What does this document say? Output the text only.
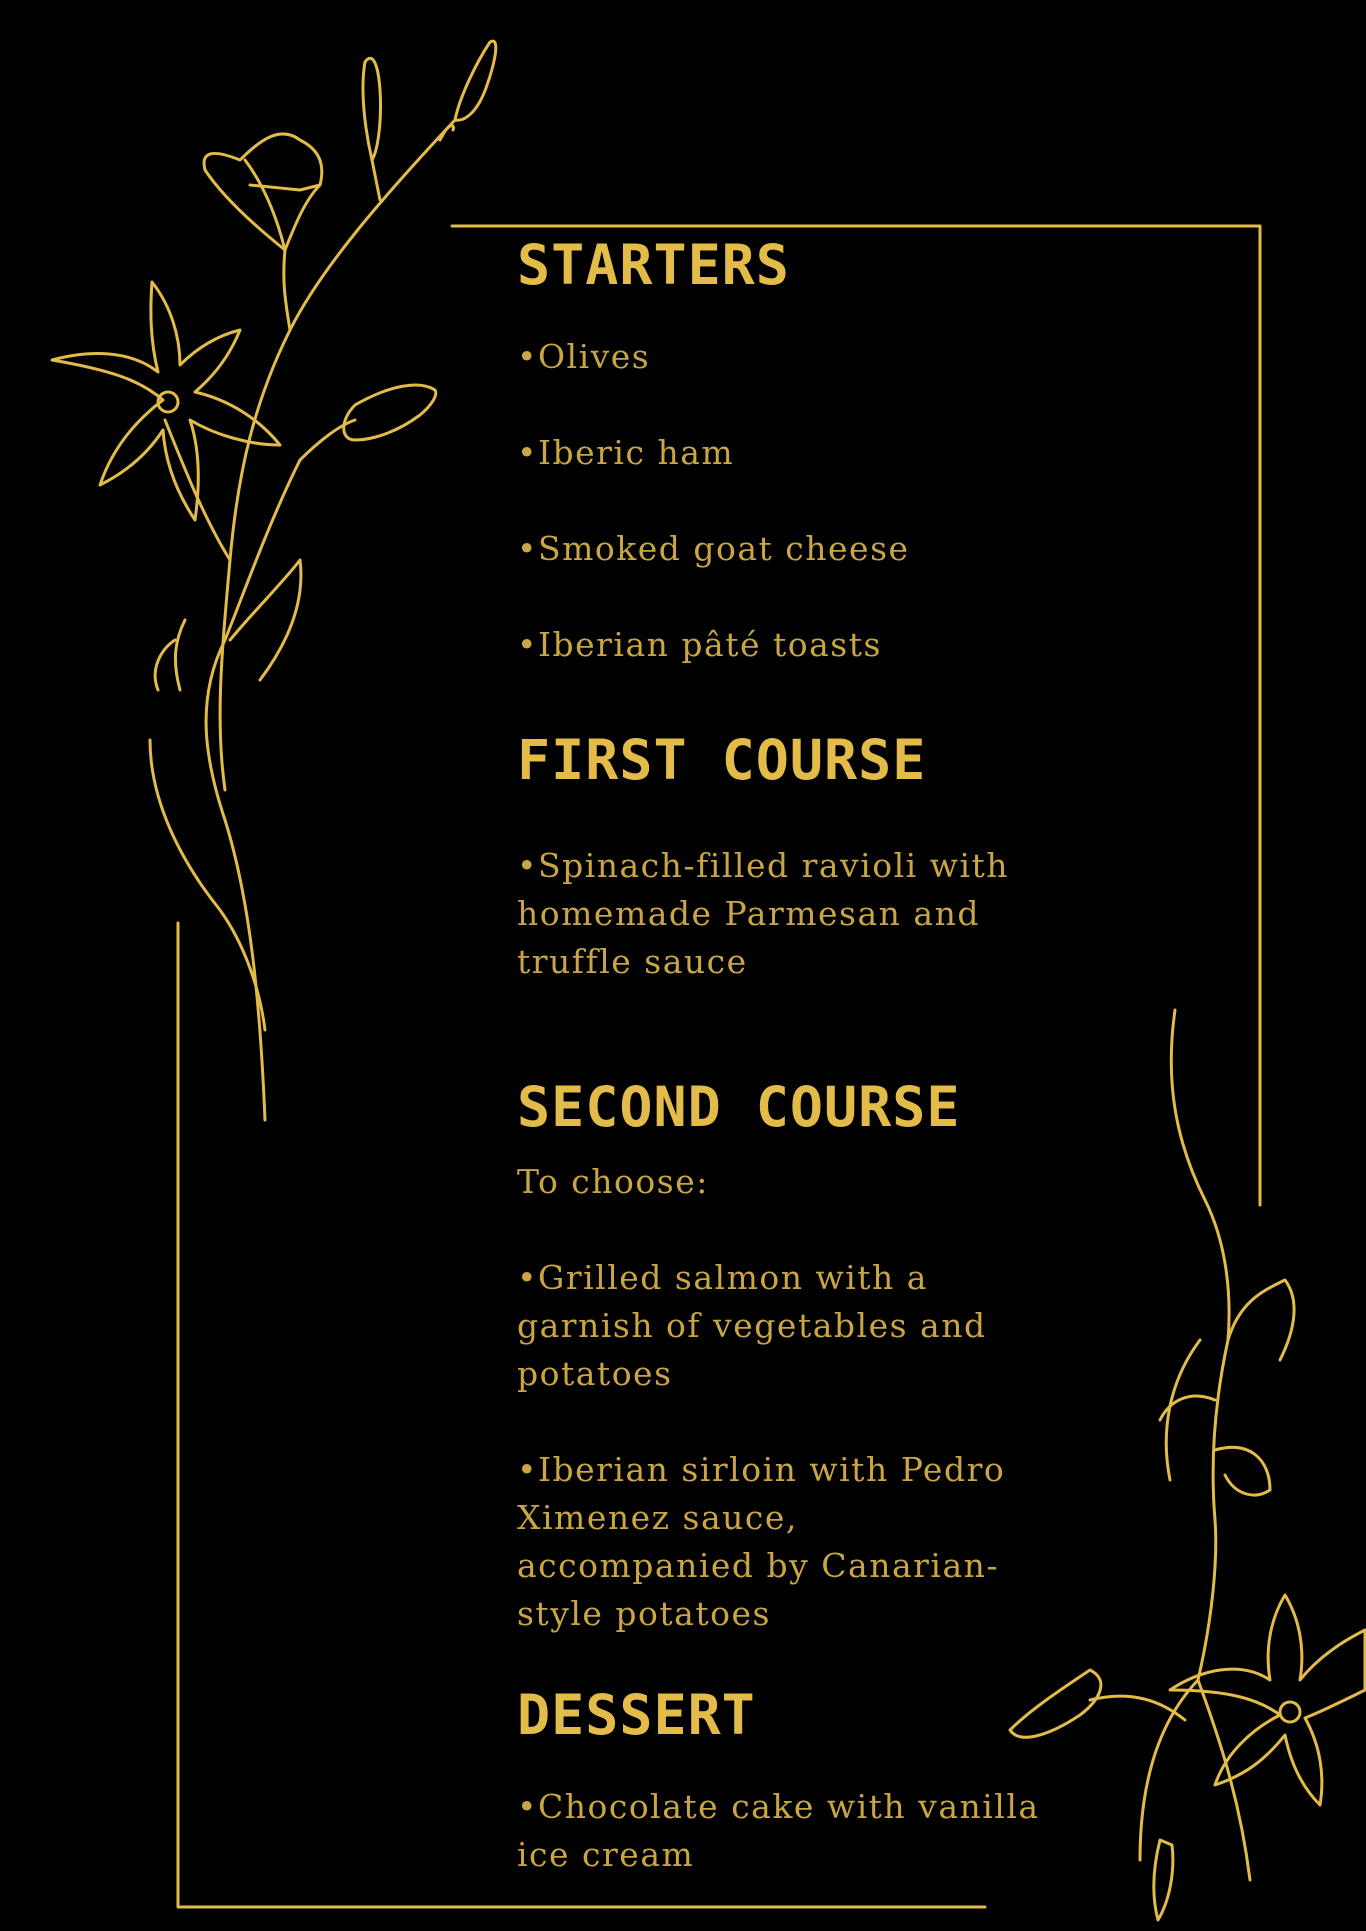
STARTERS

•Olives

•Iberic ham

•Smoked goat cheese

•Iberian pâté toasts

FIRST COURSE

•Spinach-filled ravioli with homemade Parmesan and truffle sauce

SECOND COURSE

To choose:

•Grilled salmon with a garnish of vegetables and potatoes

•Iberian sirloin with Pedro Ximenez sauce, accompanied by Canarian-style potatoes

DESSERT

•Chocolate cake with vanilla ice cream
